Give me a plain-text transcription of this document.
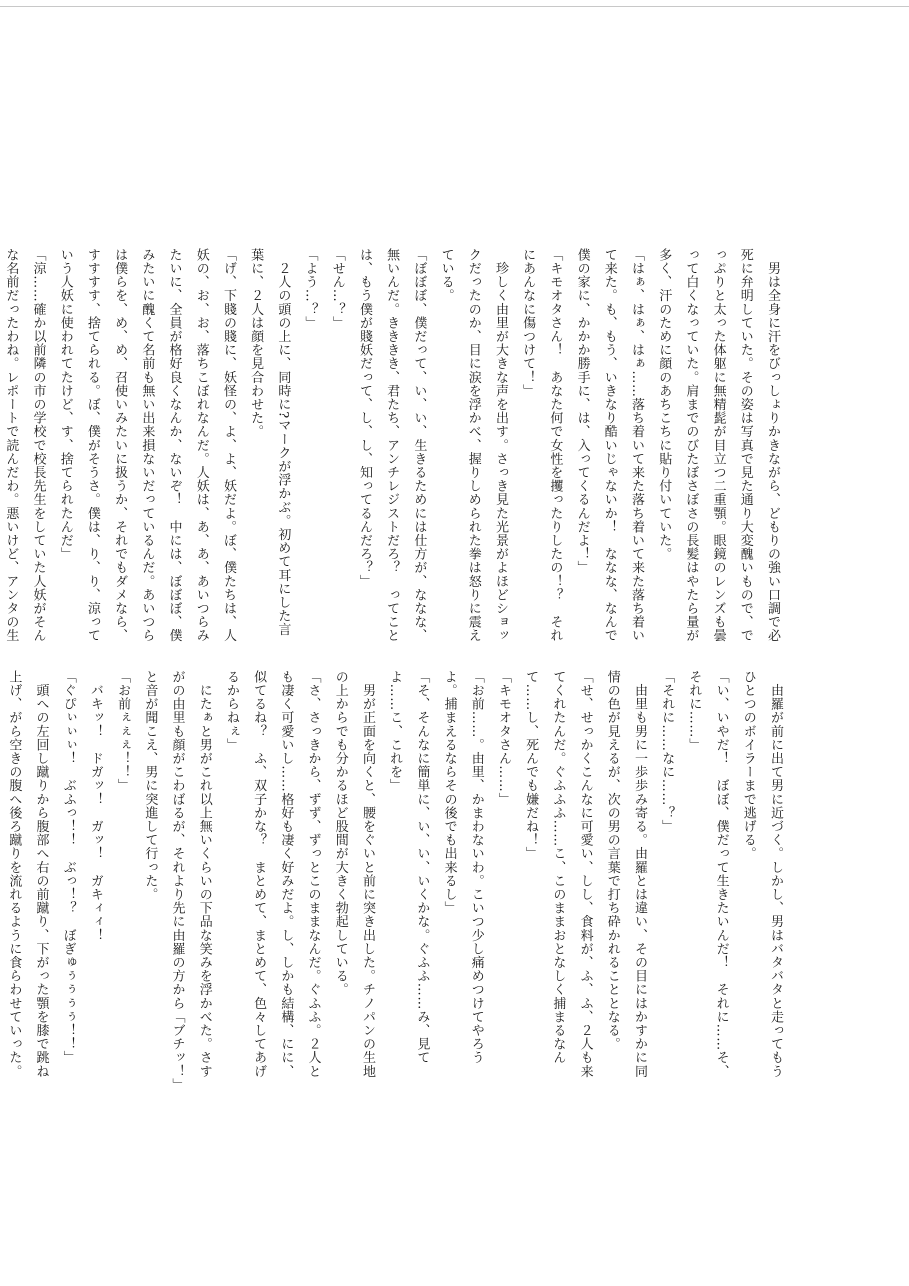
　男は全身に汗をびっしょりかきながら、どもりの強い口調で必死に弁明していた。その姿は写真で見た通り大変醜いもので、でっぷりと太った体躯に無精髭が目立つ二重顎。眼鏡のレンズも曇って白くなっていた。肩までのびたぼさぼさの長髪はやたら量が多く、汗のために顔のあちこちに貼り付いていた。

「はぁ、はぁ、はぁ……落ち着いて来た落ち着いて来た落ち着いて来た。も、もう、いきなり酷いじゃないか！　ななな、なんで僕の家に、かかか勝手に、は、入ってくるんだよ！」

「キモオタさん！　あなた何で女性を攫ったりしたの！？　それにあんなに傷つけて！」

　珍しく由里が大きな声を出す。さっき見た光景がよほどショックだったのか、目に涙を浮かべ、握りしめられた拳は怒りに震えている。

「ぼぼぼ、僕だって、い、い、生きるためには仕方が、ななな、無いんだ。きききき、君たち、アンチレジストだろ？　ってことは、もう僕が賤妖だって、し、し、知ってるんだろ？」

「せん…？」

「よう…？」

　２人の頭の上に、同時に?マークが浮かぶ。初めて耳にした言葉に、２人は顔を見合わせた。

「げ、下賤の賤に、妖怪の、よ、よ、妖だよ。ぼ、僕たちは、人妖の、お、お、落ちこぼれなんだ。人妖は、あ、あ、あいつらみたいに、全員が格好良くなんか、ないぞ！　中には、ぼぼぼ、僕みたいに醜くて名前も無い出来損ないだっているんだ。あいつらは僕らを、め、め、召使いみたいに扱うか、それでもダメなら、すすすす、捨てられる。ぼ、僕がそうさ。僕は、り、り、涼っていう人妖に使われてたけど、す、捨てられたんだ」

「涼……確か以前隣の市の学校で校長先生をしていた人妖がそんな名前だったわね。レポートで読んだわ。悪いけど、アンタの生

　由羅が前に出て男に近づく。しかし、男はバタバタと走ってもうひとつのボイラーまで逃げる。

「い、いやだ！　ぼぼ、僕だって生きたいんだ！　それに……そ、それに……」

「それに……なに……？」

　由里も男に一歩歩み寄る。由羅とは違い、その目にはかすかに同情の色が見えるが、次の男の言葉で打ち砕かれることとなる。

「せ、せっかくこんなに可愛い、しし、食料が、ふ、ふ、２人も来てくれたんだ。ぐふふふ……こ、このままおとなしく捕まるなんて……し、死んでも嫌だね！」

「キモオタさん……」

「お前……。由里、かまわないわ。こいつ少し痛めつけてやろうよ。捕まえるならその後でも出来るし」

「そ、そんなに簡単に、い、い、いくかな。ぐふふ……み、見てよ……こ、これを」

　男が正面を向くと、腰をぐいと前に突き出した。チノパンの生地の上からでも分かるほど股間が大きく勃起している。

「さ、さっきから、ずず、ずっとこのままなんだ。ぐふふ。２人とも凄く可愛いし……格好も凄く好みだよ。し、しかも結構、にに、似てるね？　ふ、双子かな？　まとめて、まとめて、色々してあげるからねぇ」

　にたぁと男がこれ以上無いくらいの下品な笑みを浮かべた。さすがの由里も顔がこわばるが、それより先に由羅の方から「ブチッ！」と音が聞こえ、男に突進して行った。

「お前ぇぇぇ！！」

　バキッ！　ドガッ！　ガッ！　ガキィィ！

「ぐぴぃぃぃ！　ぶふっ！！　ぶっ！？　ぼぎゅぅぅぅぅ！！」

　頭への左回し蹴りから腹部へ右の前蹴り、下がった顎を膝で跳ね上げ、がら空きの腹へ後ろ蹴りを流れるように食らわせていった。
